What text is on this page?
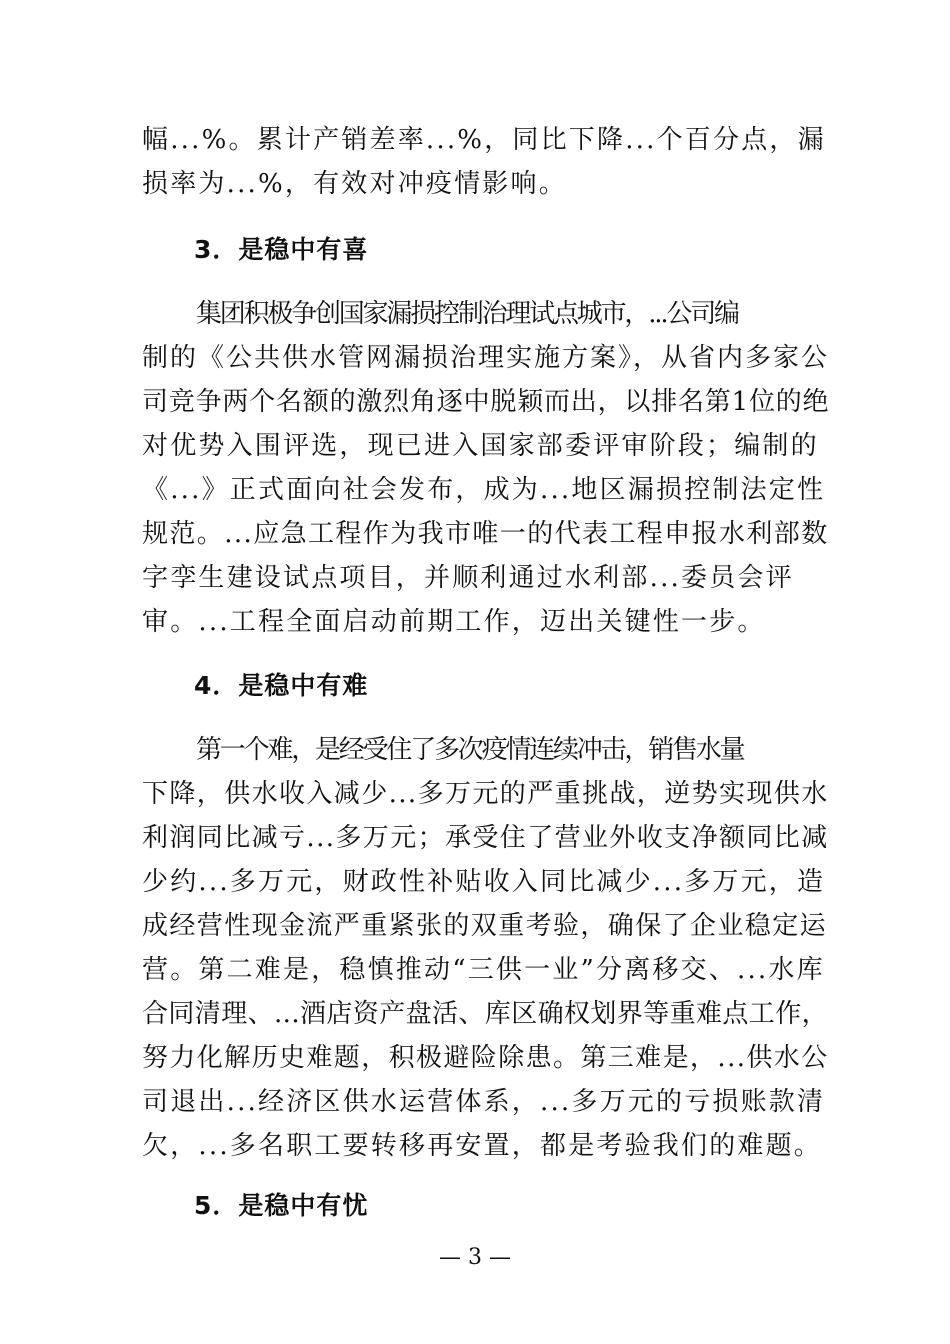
幅...%。累计产销差率...%，同比下降...个百分点，漏
损率为...%，有效对冲疫情影响。
3．是稳中有喜
集团积极争创国家漏损控制治理试点城市，...公司编
制的《公共供水管网漏损治理实施方案》，从省内多家公
司竞争两个名额的激烈角逐中脱颖而出，以排名第1位的绝
对优势入围评选，现已进入国家部委评审阶段；编制的
《...》正式面向社会发布，成为...地区漏损控制法定性
规范。...应急工程作为我市唯一的代表工程申报水利部数
字孪生建设试点项目，并顺利通过水利部...委员会评
审。...工程全面启动前期工作，迈出关键性一步。
4．是稳中有难
第一个难，是经受住了多次疫情连续冲击，销售水量
下降，供水收入减少...多万元的严重挑战，逆势实现供水
利润同比减亏...多万元；承受住了营业外收支净额同比减
少约...多万元，财政性补贴收入同比减少...多万元，造
成经营性现金流严重紧张的双重考验，确保了企业稳定运
营。第二难是，稳慎推动“三供一业”分离移交、...水库
合同清理、...酒店资产盘活、库区确权划界等重难点工作，
努力化解历史难题，积极避险除患。第三难是，...供水公
司退出...经济区供水运营体系，...多万元的亏损账款清
欠，...多名职工要转移再安置，都是考验我们的难题。
5．是稳中有忧
— 3 —
